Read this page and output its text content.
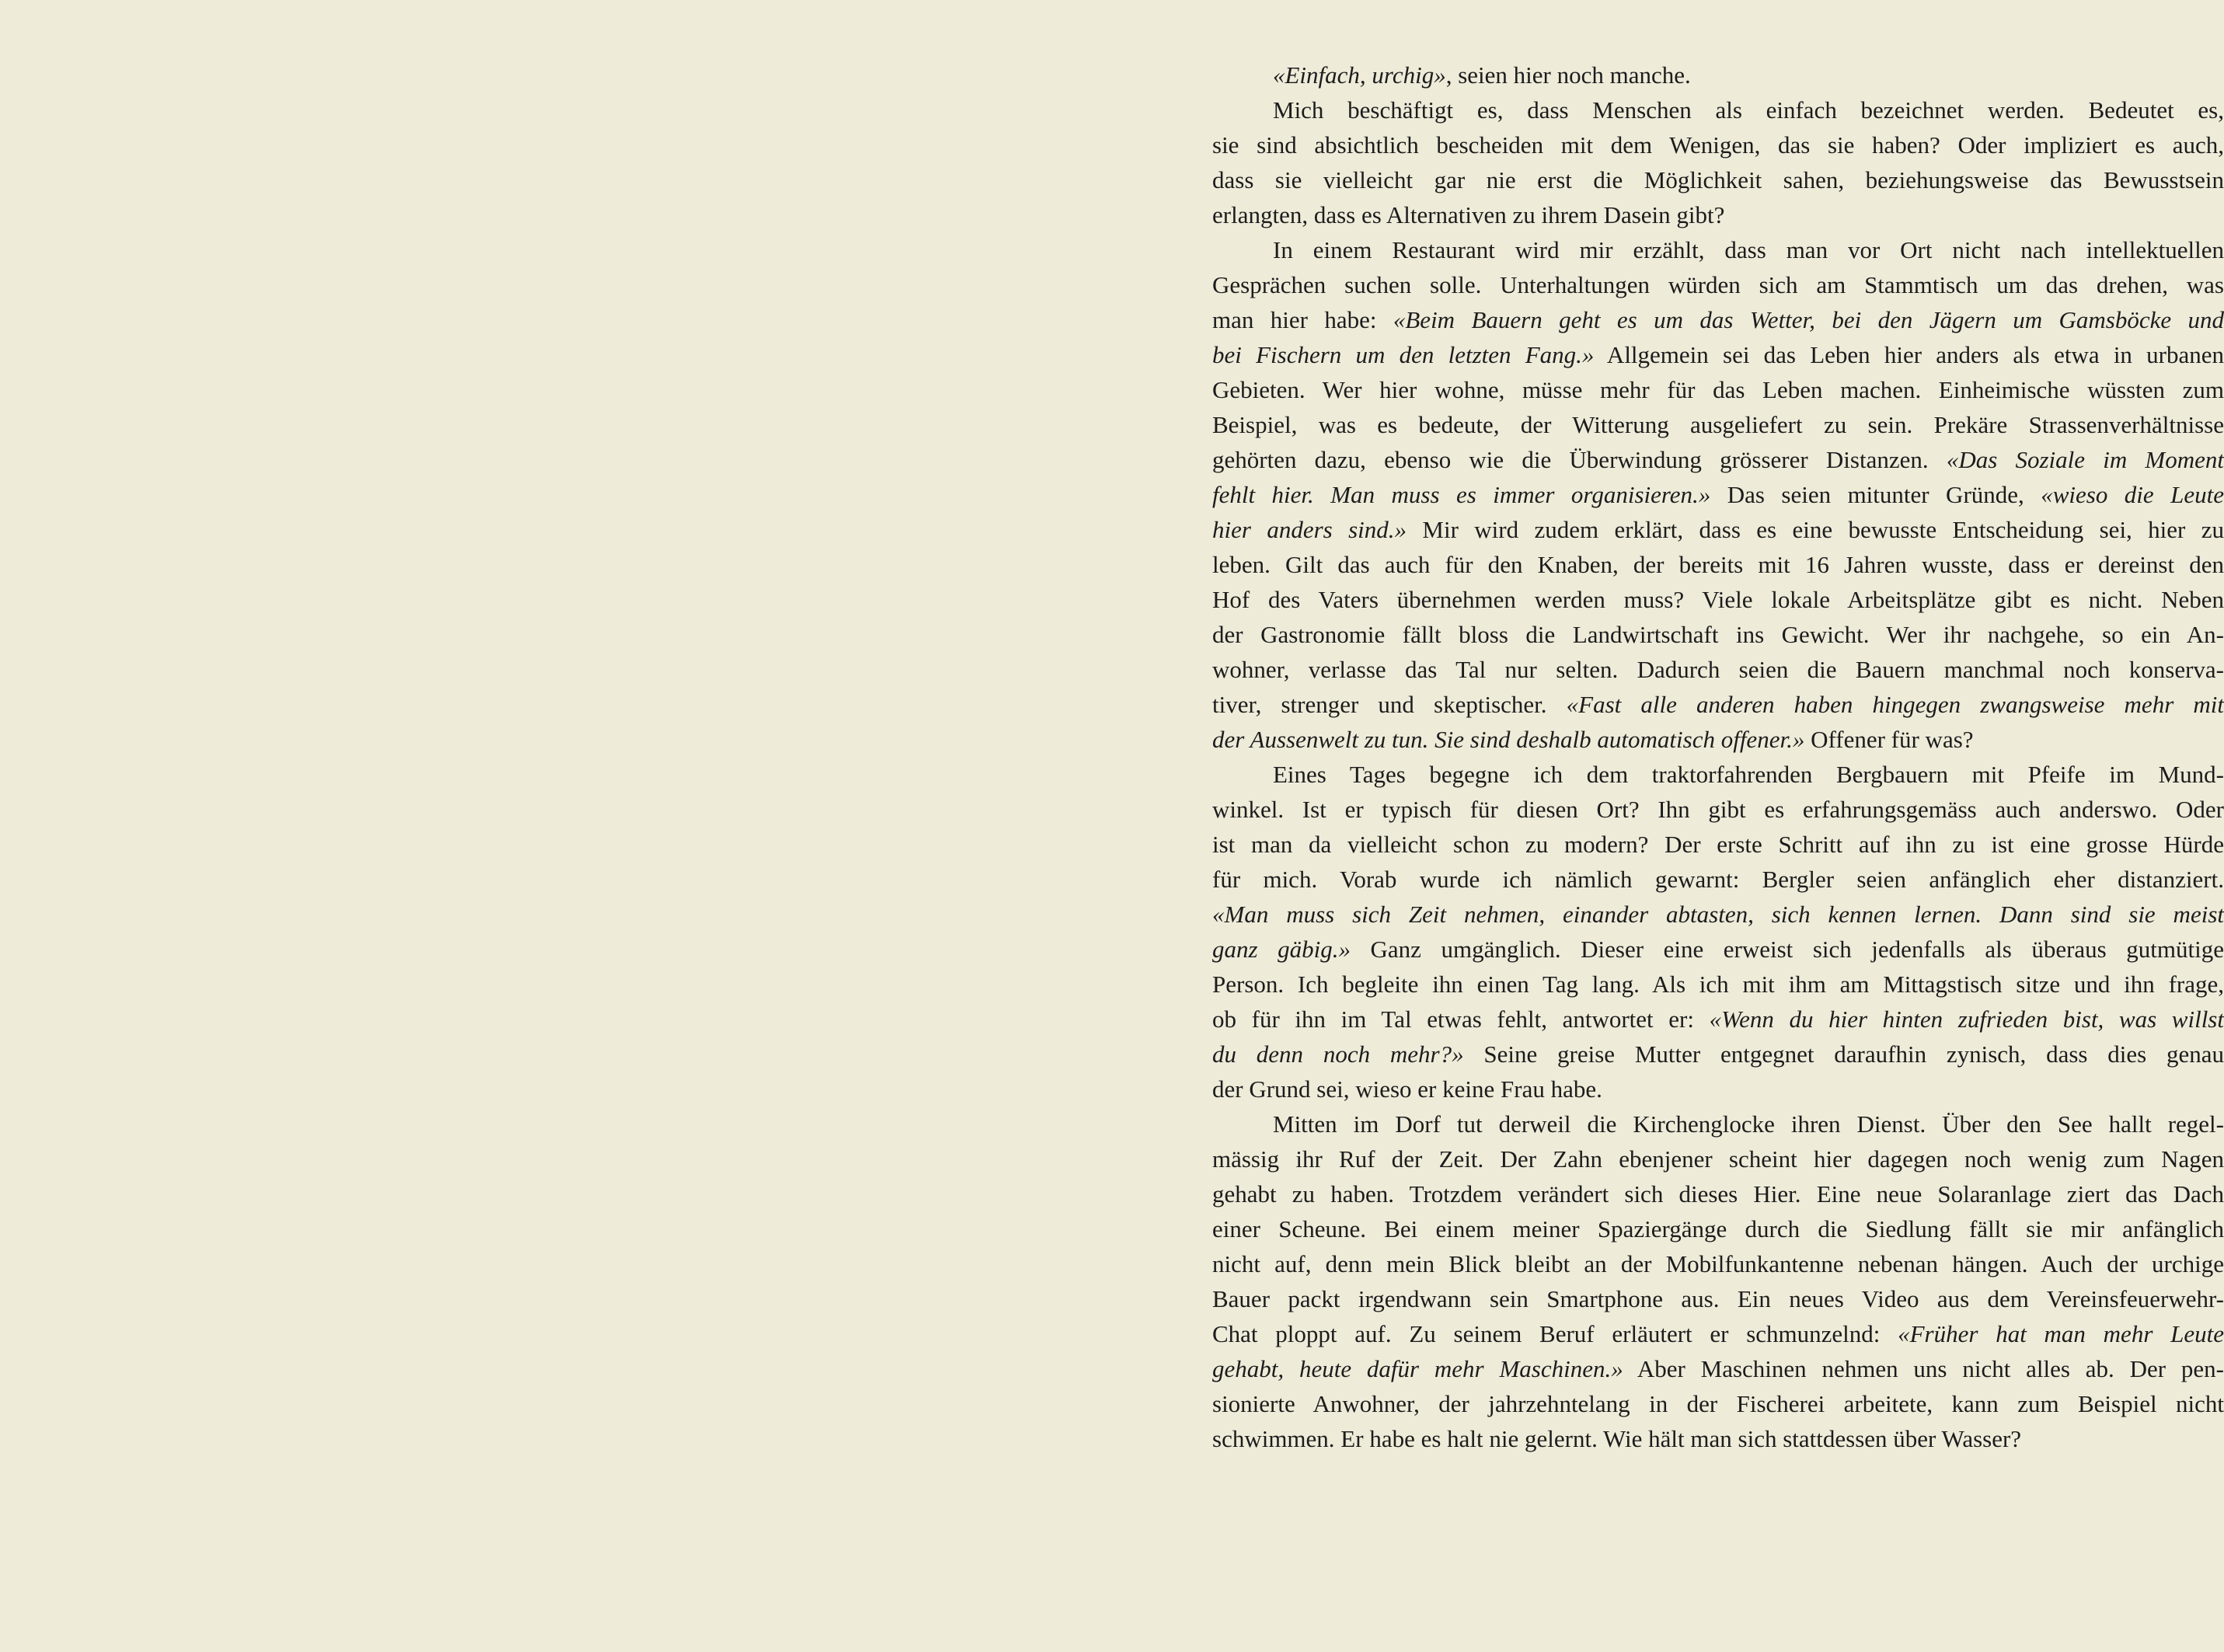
«Einfach, urchig», seien hier noch manche.
Mich beschäftigt es, dass Menschen als einfach bezeichnet werden. Bedeutet es,
sie sind absichtlich bescheiden mit dem Wenigen, das sie haben? Oder impliziert es auch,
dass sie vielleicht gar nie erst die Möglichkeit sahen, beziehungsweise das Bewusstsein
erlangten, dass es Alternativen zu ihrem Dasein gibt?
In einem Restaurant wird mir erzählt, dass man vor Ort nicht nach intellektuellen
Gesprächen suchen solle. Unterhaltungen würden sich am Stammtisch um das drehen, was
man hier habe: «Beim Bauern geht es um das Wetter, bei den Jägern um Gamsböcke und
bei Fischern um den letzten Fang.» Allgemein sei das Leben hier anders als etwa in urbanen
Gebieten. Wer hier wohne, müsse mehr für das Leben machen. Einheimische wüssten zum
Beispiel, was es bedeute, der Witterung ausgeliefert zu sein. Prekäre Strassenverhältnisse
gehörten dazu, ebenso wie die Überwindung grösserer Distanzen. «Das Soziale im Moment
fehlt hier. Man muss es immer organisieren.» Das seien mitunter Gründe, «wieso die Leute
hier anders sind.» Mir wird zudem erklärt, dass es eine bewusste Entscheidung sei, hier zu
leben. Gilt das auch für den Knaben, der bereits mit 16 Jahren wusste, dass er dereinst den
Hof des Vaters übernehmen werden muss? Viele lokale Arbeitsplätze gibt es nicht. Neben
der Gastronomie fällt bloss die Landwirtschaft ins Gewicht. Wer ihr nachgehe, so ein An-
wohner, verlasse das Tal nur selten. Dadurch seien die Bauern manchmal noch konserva-
tiver, strenger und skeptischer. «Fast alle anderen haben hingegen zwangsweise mehr mit
der Aussenwelt zu tun. Sie sind deshalb automatisch offener.» Offener für was?
Eines Tages begegne ich dem traktorfahrenden Bergbauern mit Pfeife im Mund-
winkel. Ist er typisch für diesen Ort? Ihn gibt es erfahrungsgemäss auch anderswo. Oder
ist man da vielleicht schon zu modern? Der erste Schritt auf ihn zu ist eine grosse Hürde
für mich. Vorab wurde ich nämlich gewarnt: Bergler seien anfänglich eher distanziert.
«Man muss sich Zeit nehmen, einander abtasten, sich kennen lernen. Dann sind sie meist
ganz gäbig.» Ganz umgänglich. Dieser eine erweist sich jedenfalls als überaus gutmütige
Person. Ich begleite ihn einen Tag lang. Als ich mit ihm am Mittagstisch sitze und ihn frage,
ob für ihn im Tal etwas fehlt, antwortet er: «Wenn du hier hinten zufrieden bist, was willst
du denn noch mehr?» Seine greise Mutter entgegnet daraufhin zynisch, dass dies genau
der Grund sei, wieso er keine Frau habe.
Mitten im Dorf tut derweil die Kirchenglocke ihren Dienst. Über den See hallt regel-
mässig ihr Ruf der Zeit. Der Zahn ebenjener scheint hier dagegen noch wenig zum Nagen
gehabt zu haben. Trotzdem verändert sich dieses Hier. Eine neue Solaranlage ziert das Dach
einer Scheune. Bei einem meiner Spaziergänge durch die Siedlung fällt sie mir anfänglich
nicht auf, denn mein Blick bleibt an der Mobilfunkantenne nebenan hängen. Auch der urchige
Bauer packt irgendwann sein Smartphone aus. Ein neues Video aus dem Vereinsfeuerwehr-
Chat ploppt auf. Zu seinem Beruf erläutert er schmunzelnd: «Früher hat man mehr Leute
gehabt, heute dafür mehr Maschinen.» Aber Maschinen nehmen uns nicht alles ab. Der pen-
sionierte Anwohner, der jahrzehntelang in der Fischerei arbeitete, kann zum Beispiel nicht
schwimmen. Er habe es halt nie gelernt. Wie hält man sich stattdessen über Wasser?
